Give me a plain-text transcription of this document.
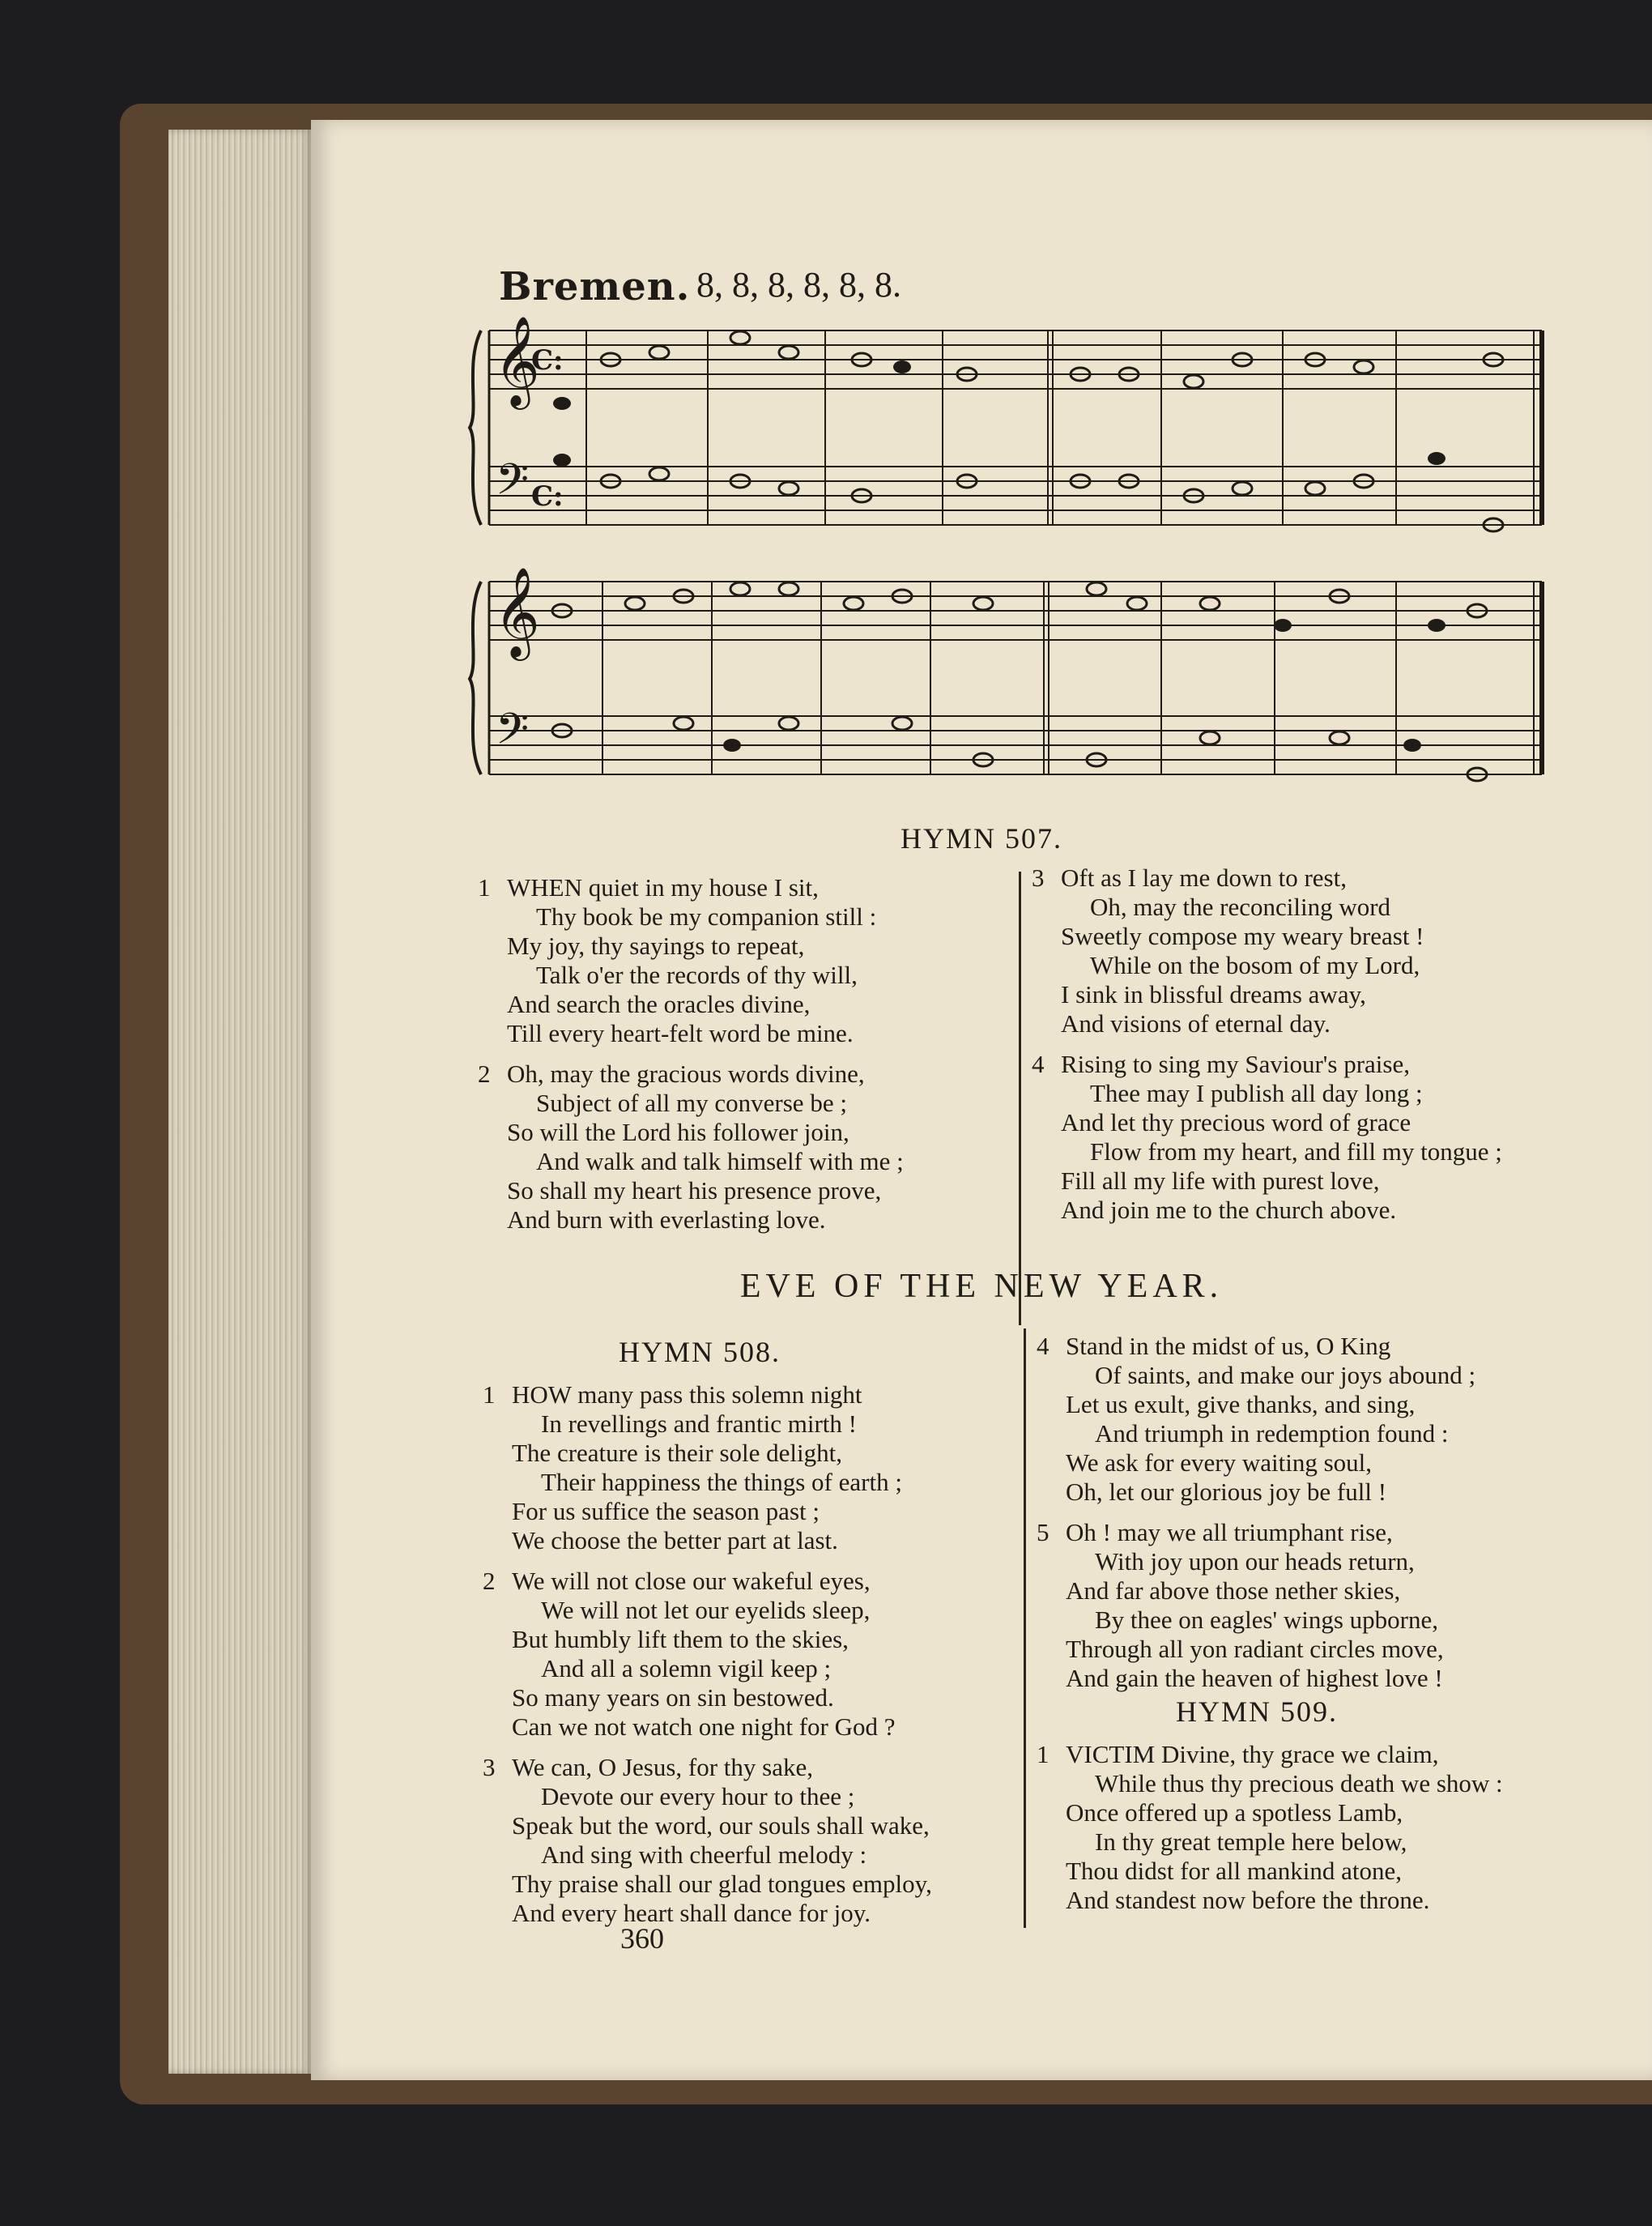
Bremen. 8, 8, 8, 8, 8, 8.
𝄞
𝄢
C:
C:
𝄞
𝄢
HYMN 507.
1 WHEN quiet in my house I sit,
Thy book be my companion still :
My joy, thy sayings to repeat,
Talk o'er the records of thy will,
And search the oracles divine,
Till every heart-felt word be mine.
2 Oh, may the gracious words divine,
Subject of all my converse be ;
So will the Lord his follower join,
And walk and talk himself with me ;
So shall my heart his presence prove,
And burn with everlasting love.
3 Oft as I lay me down to rest,
Oh, may the reconciling word
Sweetly compose my weary breast !
While on the bosom of my Lord,
I sink in blissful dreams away,
And visions of eternal day.
4 Rising to sing my Saviour's praise,
Thee may I publish all day long ;
And let thy precious word of grace
Flow from my heart, and fill my tongue ;
Fill all my life with purest love,
And join me to the church above.
EVE OF THE NEW YEAR.
HYMN 508.
1 HOW many pass this solemn night
In revellings and frantic mirth !
The creature is their sole delight,
Their happiness the things of earth ;
For us suffice the season past ;
We choose the better part at last.
2 We will not close our wakeful eyes,
We will not let our eyelids sleep,
But humbly lift them to the skies,
And all a solemn vigil keep ;
So many years on sin bestowed.
Can we not watch one night for God ?
3 We can, O Jesus, for thy sake,
Devote our every hour to thee ;
Speak but the word, our souls shall wake,
And sing with cheerful melody :
Thy praise shall our glad tongues employ,
And every heart shall dance for joy.
4 Stand in the midst of us, O King
Of saints, and make our joys abound ;
Let us exult, give thanks, and sing,
And triumph in redemption found :
We ask for every waiting soul,
Oh, let our glorious joy be full !
5 Oh ! may we all triumphant rise,
With joy upon our heads return,
And far above those nether skies,
By thee on eagles' wings upborne,
Through all yon radiant circles move,
And gain the heaven of highest love !
HYMN 509.
1 VICTIM Divine, thy grace we claim,
While thus thy precious death we show :
Once offered up a spotless Lamb,
In thy great temple here below,
Thou didst for all mankind atone,
And standest now before the throne.
360
